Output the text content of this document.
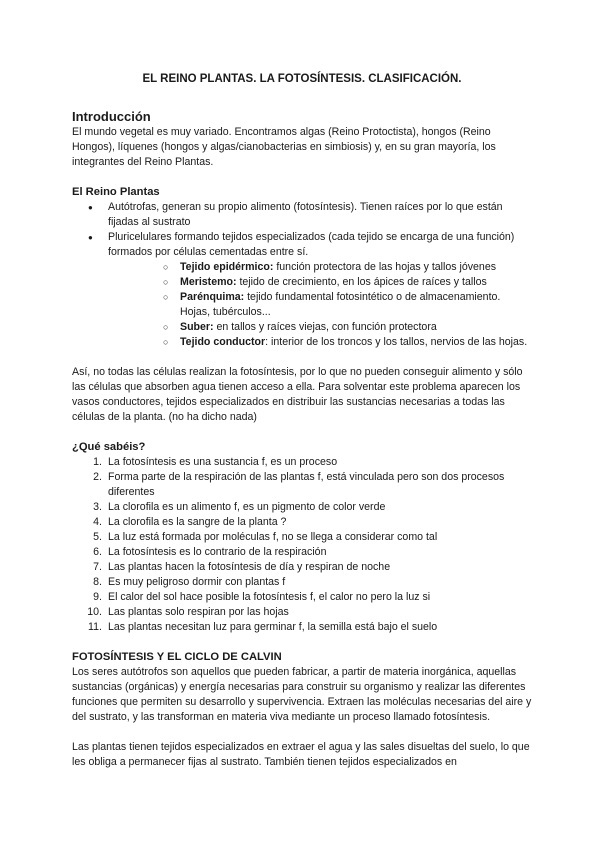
EL REINO PLANTAS. LA FOTOSÍNTESIS. CLASIFICACIÓN.
Introducción

El mundo vegetal es muy variado. Encontramos algas (Reino Protoctista), hongos (Reino Hongos), líquenes (hongos y algas/cianobacterias en simbiosis) y, en su gran mayoría, los integrantes del Reino Plantas.

El Reino Plantas
● Autótrofas, generan su propio alimento (fotosíntesis). Tienen raíces por lo que están fijadas al sustrato
● Pluricelulares formando tejidos especializados (cada tejido se encarga de una función) formados por células cementadas entre sí.
○ Tejido epidérmico: función protectora de las hojas y tallos jóvenes
○ Meristemo: tejido de crecimiento, en los ápices de raíces y tallos
○ Parénquima: tejido fundamental fotosintético o de almacenamiento. Hojas, tubérculos...
○ Suber: en tallos y raíces viejas, con función protectora
○ Tejido conductor: interior de los troncos y los tallos, nervios de las hojas.

Así, no todas las células realizan la fotosíntesis, por lo que no pueden conseguir alimento y sólo las células que absorben agua tienen acceso a ella. Para solventar este problema aparecen los vasos conductores, tejidos especializados en distribuir las sustancias necesarias a todas las células de la planta. (no ha dicho nada)

¿Qué sabéis?
1. La fotosíntesis es una sustancia f, es un proceso
2. Forma parte de la respiración de las plantas f, está vinculada pero son dos procesos diferentes
3. La clorofila es un alimento f, es un pigmento de color verde
4. La clorofila es la sangre de la planta ?
5. La luz está formada por moléculas f, no se llega a considerar como tal
6. La fotosíntesis es lo contrario de la respiración
7. Las plantas hacen la fotosíntesis de día y respiran de noche
8. Es muy peligroso dormir con plantas f
9. El calor del sol hace posible la fotosíntesis f, el calor no pero la luz si
10. Las plantas solo respiran por las hojas
11. Las plantas necesitan luz para germinar f, la semilla está bajo el suelo
FOTOSÍNTESIS Y EL CICLO DE CALVIN

Los seres autótrofos son aquellos que pueden fabricar, a partir de materia inorgánica, aquellas sustancias (orgánicas) y energía necesarias para construir su organismo y realizar las diferentes funciones que permiten su desarrollo y supervivencia. Extraen las moléculas necesarias del aire y del sustrato, y las transforman en materia viva mediante un proceso llamado fotosíntesis.

Las plantas tienen tejidos especializados en extraer el agua y las sales disueltas del suelo, lo que les obliga a permanecer fijas al sustrato. También tienen tejidos especializados en
